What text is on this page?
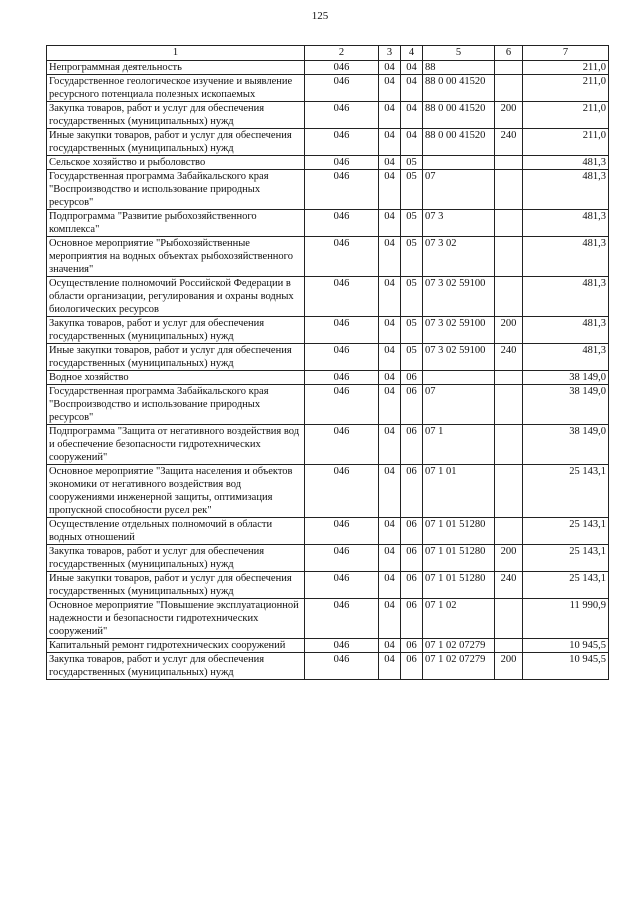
125
1	2	3	4	5	6	7
Непрограммная деятельность	046	04	04	88		211,0
Государственное геологическое изучение и выявление ресурсного потенциала полезных ископаемых	046	04	04	88 0 00 41520		211,0
Закупка товаров, работ и услуг для обеспечения государственных (муниципальных) нужд	046	04	04	88 0 00 41520	200	211,0
Иные закупки товаров, работ и услуг для обеспечения государственных (муниципальных) нужд	046	04	04	88 0 00 41520	240	211,0
Сельское хозяйство и рыболовство	046	04	05			481,3
Государственная программа Забайкальского края "Воспроизводство и использование природных ресурсов"	046	04	05	07		481,3
Подпрограмма "Развитие рыбохозяйственного комплекса"	046	04	05	07 3		481,3
Основное мероприятие "Рыбохозяйственные мероприятия на водных объектах рыбохозяйственного значения"	046	04	05	07 3 02		481,3
Осуществление полномочий Российской Федерации в области организации, регулирования и охраны водных биологических ресурсов	046	04	05	07 3 02 59100		481,3
Закупка товаров, работ и услуг для обеспечения государственных (муниципальных) нужд	046	04	05	07 3 02 59100	200	481,3
Иные закупки товаров, работ и услуг для обеспечения государственных (муниципальных) нужд	046	04	05	07 3 02 59100	240	481,3
Водное хозяйство	046	04	06			38 149,0
Государственная программа Забайкальского края "Воспроизводство и использование природных ресурсов"	046	04	06	07		38 149,0
Подпрограмма "Защита от негативного воздействия вод и обеспечение безопасности гидротехнических сооружений"	046	04	06	07 1		38 149,0
Основное мероприятие "Защита населения и объектов экономики от негативного воздействия вод сооружениями инженерной защиты, оптимизация пропускной способности русел рек"	046	04	06	07 1 01		25 143,1
Осуществление отдельных полномочий в области водных отношений	046	04	06	07 1 01 51280		25 143,1
Закупка товаров, работ и услуг для обеспечения государственных (муниципальных) нужд	046	04	06	07 1 01 51280	200	25 143,1
Иные закупки товаров, работ и услуг для обеспечения государственных (муниципальных) нужд	046	04	06	07 1 01 51280	240	25 143,1
Основное мероприятие "Повышение эксплуатационной надежности и безопасности гидротехнических сооружений"	046	04	06	07 1 02		11 990,9
Капитальный ремонт гидротехнических сооружений	046	04	06	07 1 02 07279		10 945,5
Закупка товаров, работ и услуг для обеспечения государственных (муниципальных) нужд	046	04	06	07 1 02 07279	200	10 945,5
